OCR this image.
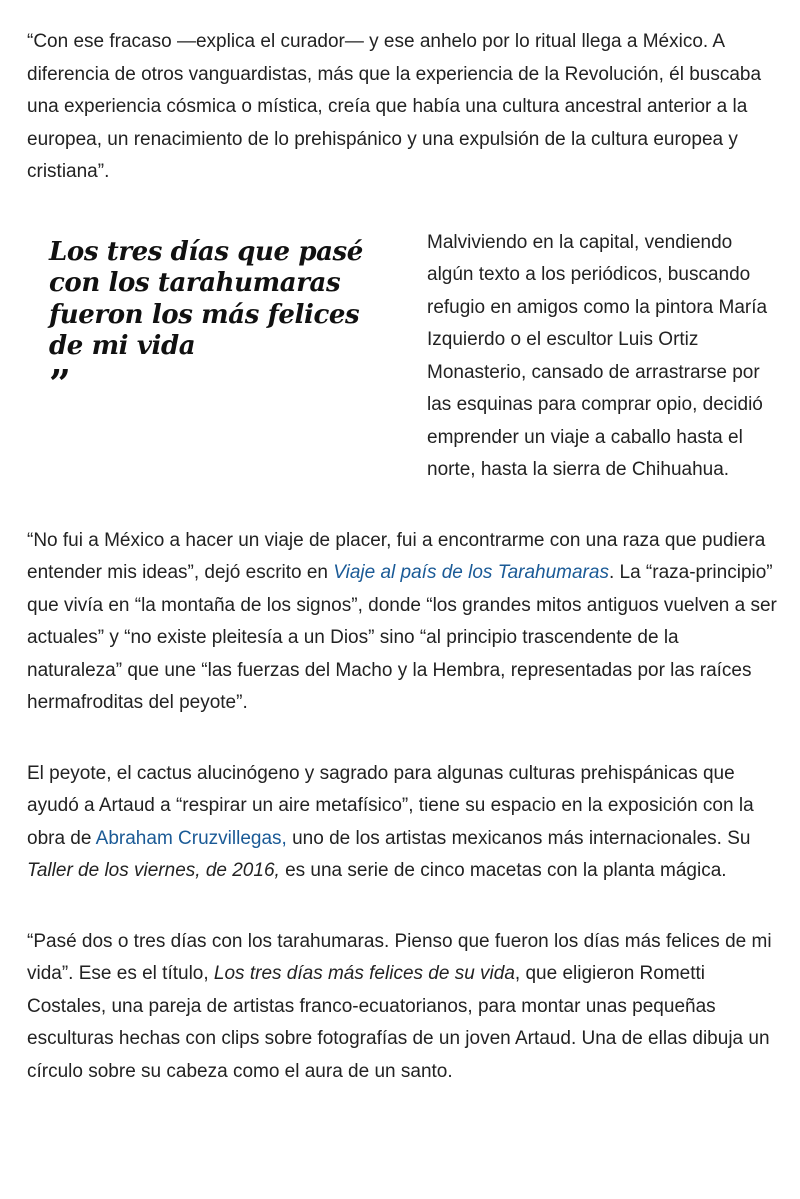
“Con ese fracaso —explica el curador— y ese anhelo por lo ritual llega a México. A diferencia de otros vanguardistas, más que la experiencia de la Revolución, él buscaba una experiencia cósmica o mística, creía que había una cultura ancestral anterior a la europea, un renacimiento de lo prehispánico y una expulsión de la cultura europea y cristiana”.

Los tres días que pasé con los tarahumaras fueron los más felices de mi vida
”

Malviviendo en la capital, vendiendo algún texto a los periódicos, buscando refugio en amigos como la pintora María Izquierdo o el escultor Luis Ortiz Monasterio, cansado de arrastrarse por las esquinas para comprar opio, decidió emprender un viaje a caballo hasta el norte, hasta la sierra de Chihuahua.

“No fui a México a hacer un viaje de placer, fui a encontrarme con una raza que pudiera entender mis ideas”, dejó escrito en Viaje al país de los Tarahumaras. La “raza-principio” que vivía en “la montaña de los signos”, donde “los grandes mitos antiguos vuelven a ser actuales” y “no existe pleitesía a un Dios” sino “al principio trascendente de la naturaleza” que une “las fuerzas del Macho y la Hembra, representadas por las raíces hermafroditas del peyote”.

El peyote, el cactus alucinógeno y sagrado para algunas culturas prehispánicas que ayudó a Artaud a “respirar un aire metafísico”, tiene su espacio en la exposición con la obra de Abraham Cruzvillegas, uno de los artistas mexicanos más internacionales. Su Taller de los viernes, de 2016, es una serie de cinco macetas con la planta mágica.

“Pasé dos o tres días con los tarahumaras. Pienso que fueron los días más felices de mi vida”. Ese es el título, Los tres días más felices de su vida, que eligieron Rometti Costales, una pareja de artistas franco-ecuatorianos, para montar unas pequeñas esculturas hechas con clips sobre fotografías de un joven Artaud. Una de ellas dibuja un círculo sobre su cabeza como el aura de un santo.
